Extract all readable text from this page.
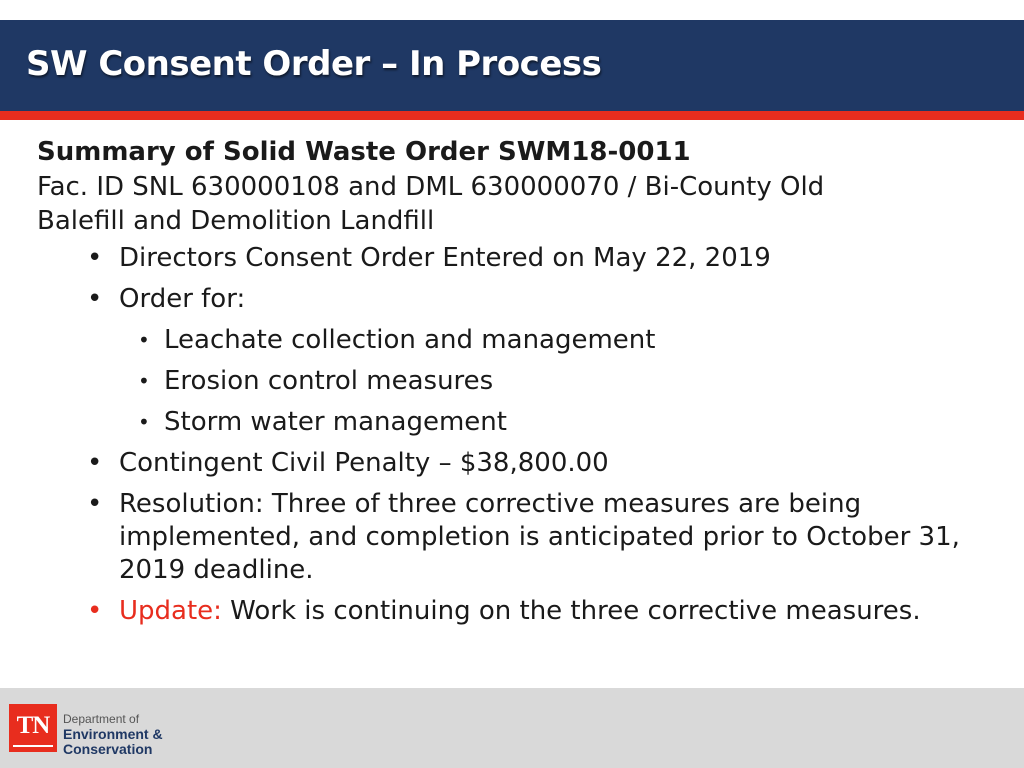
SW Consent Order – In Process
Summary of Solid Waste Order SWM18-0011
Fac. ID SNL 630000108 and DML 630000070 / Bi-County Old Balefill and Demolition Landfill
• Directors Consent Order Entered on May 22, 2019
• Order for:
• Leachate collection and management
• Erosion control measures
• Storm water management
• Contingent Civil Penalty – $38,800.00
• Resolution: Three of three corrective measures are being implemented, and completion is anticipated prior to October 31, 2019 deadline.
• Update: Work is continuing on the three corrective measures.
TN	Department of
Environment &
Conservation
